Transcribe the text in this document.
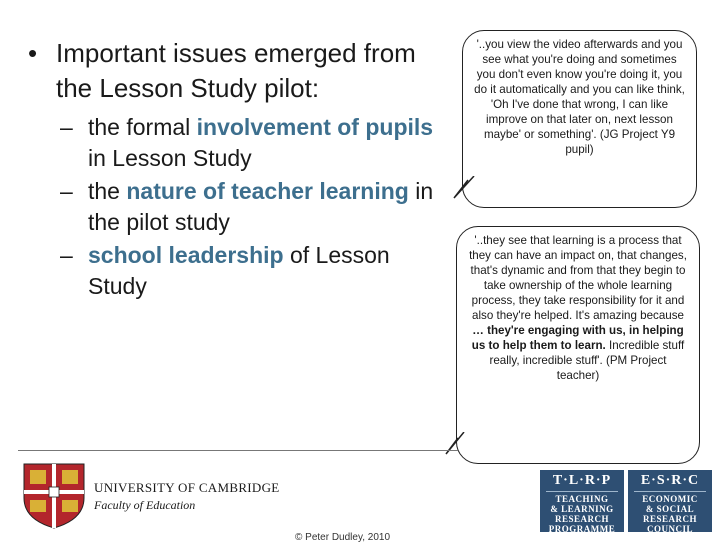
• Important issues emerged from the Lesson Study pilot:
– the formal involvement of pupils in Lesson Study
– the nature of teacher learning in the pilot study
– school leadership of Lesson Study
'..you view the video afterwards and you see what you're doing and sometimes you don't even know you're doing it, you do it automatically and you can like think, 'Oh I've done that wrong, I can like improve on that later on, next lesson maybe' or something'. (JG Project Y9 pupil)
'..they see that learning is a process that they can have an impact on, that changes, that's dynamic and from that they begin to take ownership of the whole learning process, they take responsibility for it and also they're helped. It's amazing because … they're engaging with us, in helping us to help them to learn. Incredible stuff really, incredible stuff'. (PM Project teacher)
UNIVERSITY OF CAMBRIDGE
Faculty of Education
T·L·R·P
TEACHING
& LEARNING
RESEARCH
PROGRAMME
E·S·R·C
ECONOMIC
& SOCIAL
RESEARCH
COUNCIL
© Peter Dudley, 2010
